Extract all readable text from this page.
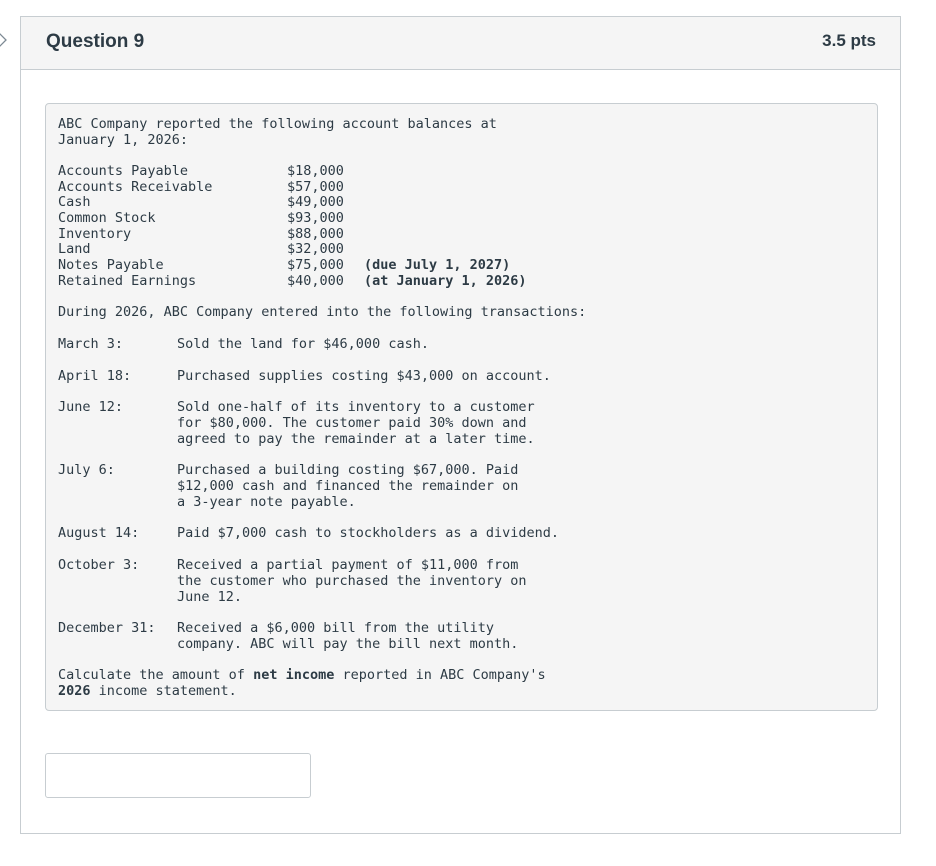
Question 9	3.5 pts
ABC Company reported the following account balances at
January 1, 2026:
Accounts Payable	$18,000
Accounts Receivable	$57,000
Cash	$49,000
Common Stock	$93,000
Inventory	$88,000
Land	$32,000
Notes Payable	$75,000 (due July 1, 2027)
Retained Earnings	$40,000 (at January 1, 2026)
During 2026, ABC Company entered into the following transactions:
March 3:	Sold the land for $46,000 cash.
April 18:	Purchased supplies costing $43,000 on account.
June 12:	Sold one-half of its inventory to a customer
for $80,000. The customer paid 30% down and
agreed to pay the remainder at a later time.
July 6:	Purchased a building costing $67,000. Paid
$12,000 cash and financed the remainder on
a 3-year note payable.
August 14:	Paid $7,000 cash to stockholders as a dividend.
October 3:	Received a partial payment of $11,000 from
the customer who purchased the inventory on
June 12.
December 31: Received a $6,000 bill from the utility
company. ABC will pay the bill next month.
Calculate the amount of net income reported in ABC Company's
2026 income statement.
